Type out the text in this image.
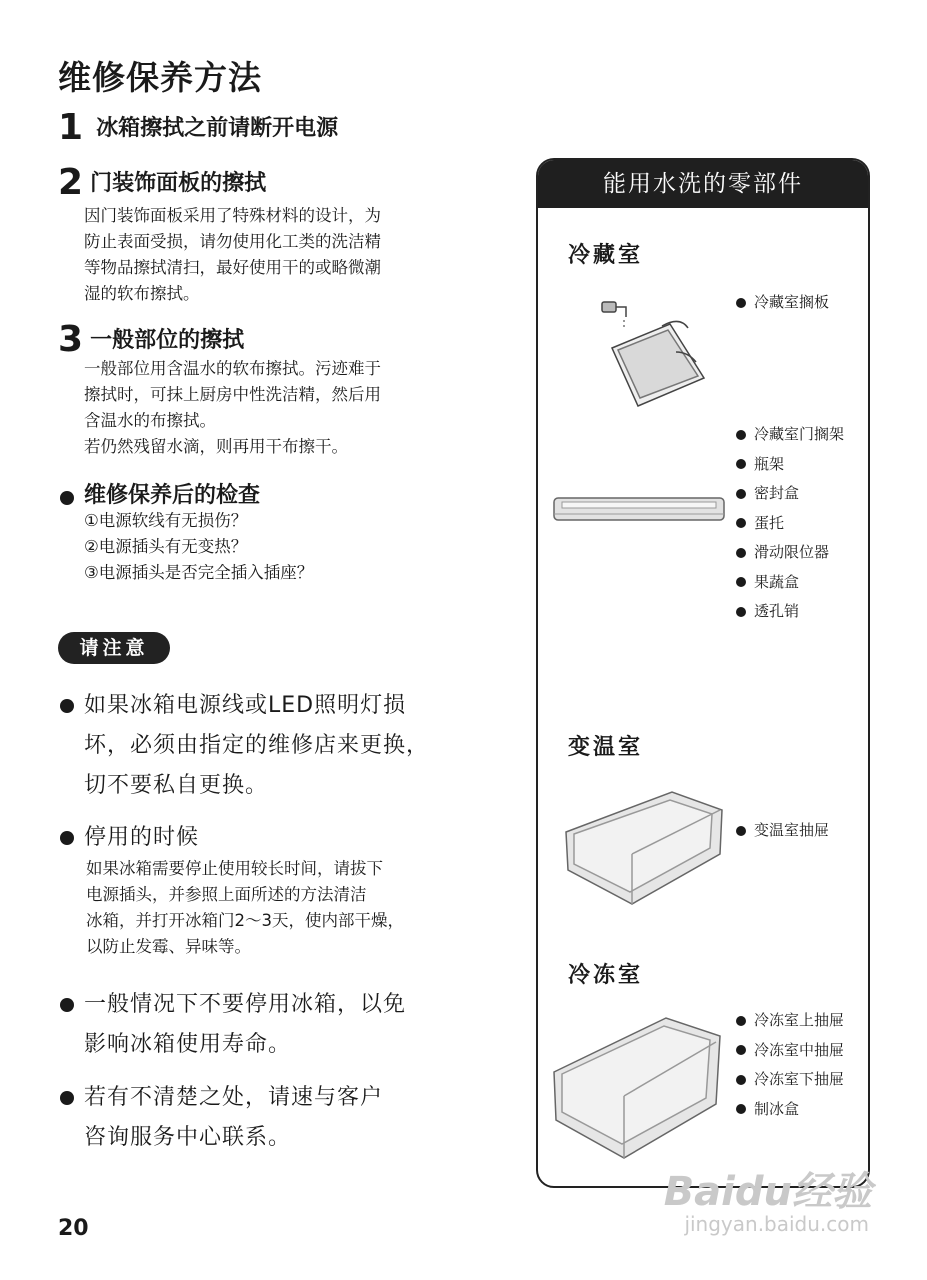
维修保养方法
1 冰箱擦拭之前请断开电源
2 门装饰面板的擦拭
因门装饰面板采用了特殊材料的设计，为
防止表面受损，请勿使用化工类的洗洁精
等物品擦拭清扫，最好使用干的或略微潮
湿的软布擦拭。
3 一般部位的擦拭
一般部位用含温水的软布擦拭。污迹难于
擦拭时，可抹上厨房中性洗洁精，然后用
含温水的布擦拭。
若仍然残留水滴，则再用干布擦干。
维修保养后的检查
①电源软线有无损伤？
②电源插头有无变热？
③电源插头是否完全插入插座？
请注意
如果冰箱电源线或LED照明灯损
坏，必须由指定的维修店来更换，
切不要私自更换。
停用的时候
如果冰箱需要停止使用较长时间，请拔下
电源插头，并参照上面所述的方法清洁
冰箱，并打开冰箱门2～3天，使内部干燥，
以防止发霉、异味等。
一般情况下不要停用冰箱，以免
影响冰箱使用寿命。
若有不清楚之处，请速与客户
咨询服务中心联系。
能用水洗的零部件
冷藏室
冷藏室搁板
冷藏室门搁架
瓶架
密封盒
蛋托
滑动限位器
果蔬盒
透孔销
变温室
变温室抽屉
冷冻室
冷冻室上抽屉
冷冻室中抽屉
冷冻室下抽屉
制冰盒
20
Baidu经验
jingyan.baidu.com
